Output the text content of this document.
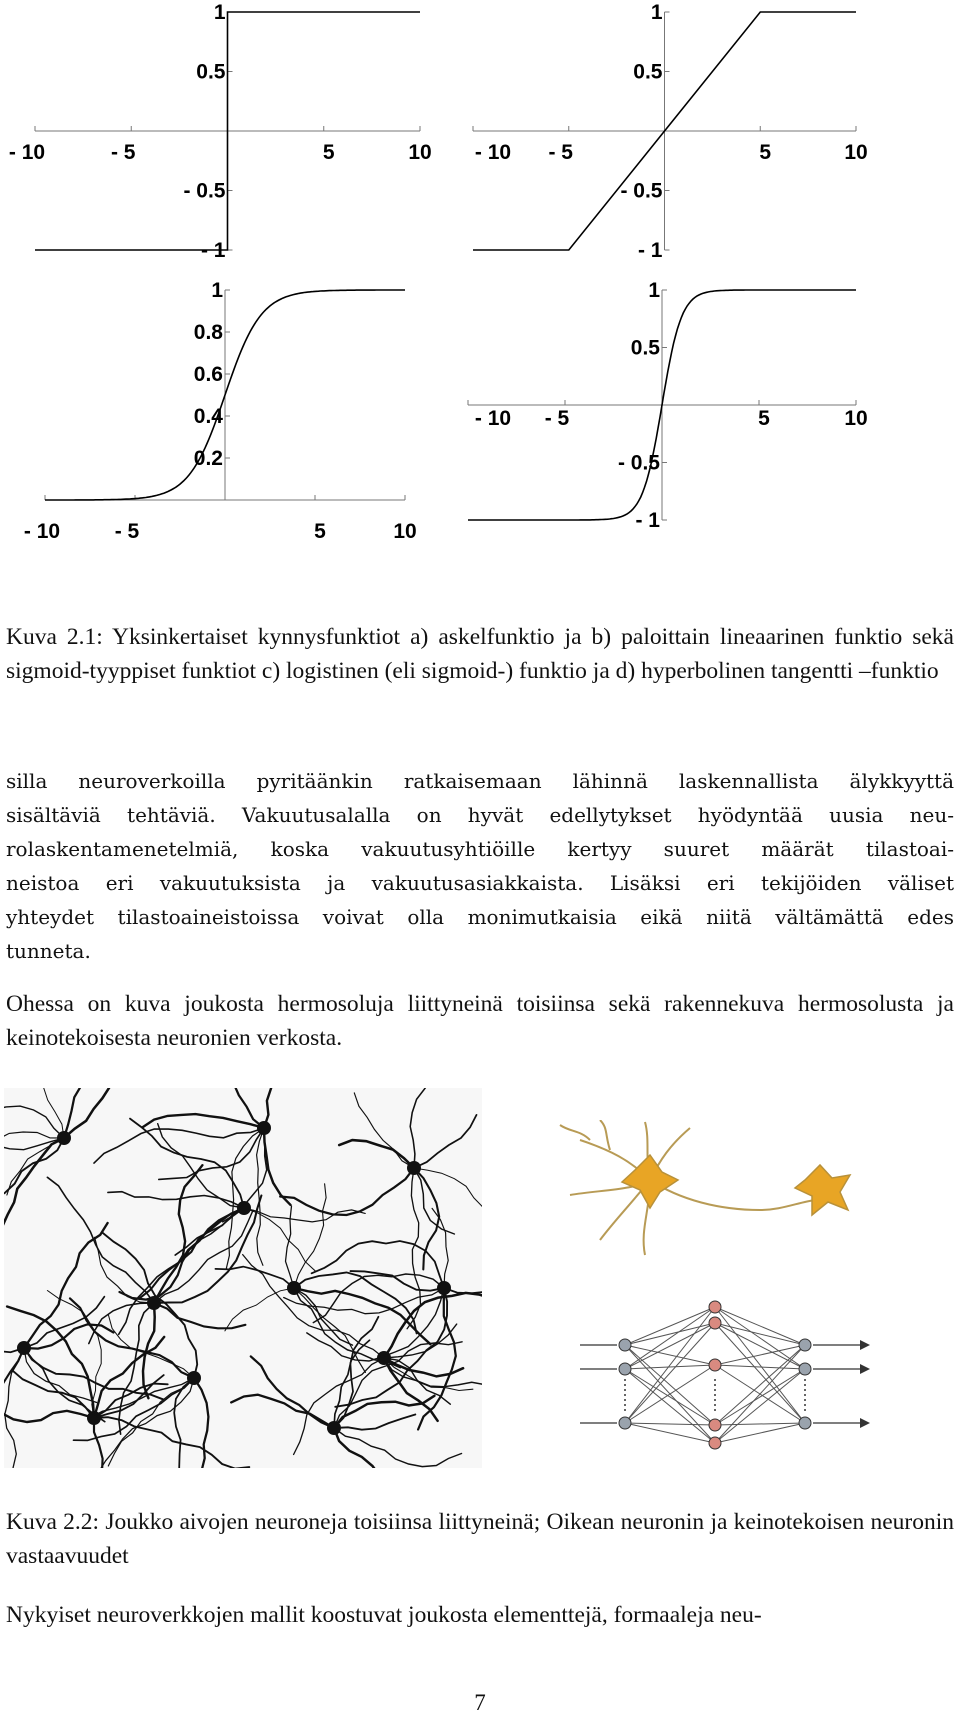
- 10	- 5	5	10
1
0.5
- 0.5
- 1
- 10 - 5	5	10
1
0.5
- 0.5
- 1
- 10	- 5	5	10
1
0.8
0.6
0.4
0.2
- 10 - 5	5	10
1
0.5
- 0.5
- 1
Kuva 2.1: Yksinkertaiset kynnysfunktiot a) askelfunktio ja b) paloittain lineaarinen funktio sekä sigmoid-tyyppiset funktiot c) logistinen (eli sigmoid-) funktio ja d) hyperbolinen tangentti –funktio
silla neuroverkoilla pyritäänkin ratkaisemaan lähinnä laskennallista älykkyyttä
sisältäviä tehtäviä. Vakuutusalalla on hyvät edellytykset hyödyntää uusia neu-
rolaskentamenetelmiä, koska vakuutusyhtiöille kertyy suuret määrät tilastoai-
neistoa eri vakuutuksista ja vakuutusasiakkaista. Lisäksi eri tekijöiden väliset
yhteydet tilastoaineistoissa voivat olla monimutkaisia eikä niitä vältämättä edes
tunneta.
Ohessa on kuva joukosta hermosoluja liittyneinä toisiinsa sekä rakennekuva hermosolusta ja keinotekoisesta neuronien verkosta.
Kuva 2.2: Joukko aivojen neuroneja toisiinsa liittyneinä; Oikean neuronin ja keinotekoisen neuronin vastaavuudet
Nykyiset neuroverkkojen mallit koostuvat joukosta elementtejä, formaaleja neu-
7
